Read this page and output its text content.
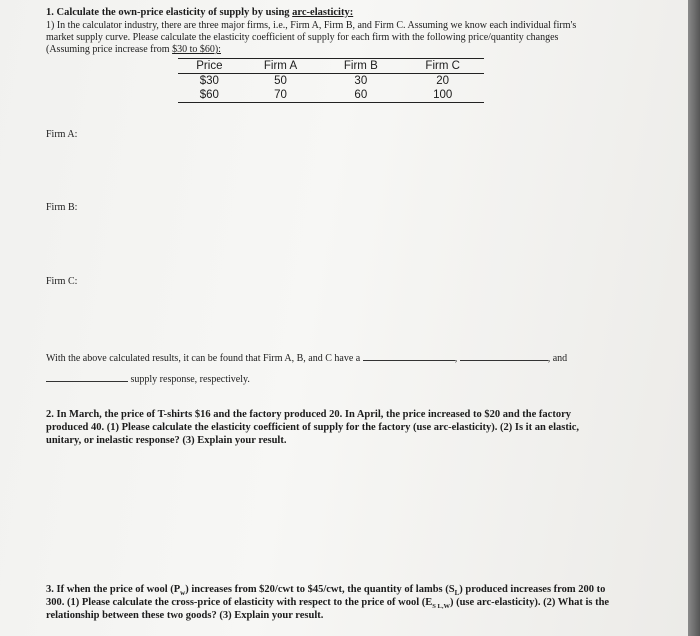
1. Calculate the own-price elasticity of supply by using arc-elasticity:
1) In the calculator industry, there are three major firms, i.e., Firm A, Firm B, and Firm C. Assuming we know each individual firm's
market supply curve. Please calculate the elasticity coefficient of supply for each firm with the following price/quantity changes
(Assuming price increase from $30 to $60):
Price	Firm A	Firm B	Firm C
$30	50	30	20
$60	70	60	100
Firm A:
Firm B:
Firm C:
With the above calculated results, it can be found that Firm A, B, and C have a	,	, and
supply response, respectively.
2. In March, the price of T-shirts $16 and the factory produced 20. In April, the price increased to $20 and the factory
produced 40. (1) Please calculate the elasticity coefficient of supply for the factory (use arc-elasticity). (2) Is it an elastic,
unitary, or inelastic response? (3) Explain your result.
3. If when the price of wool $(P_w)$ increases from $20/cwt to $45/cwt, the quantity of lambs $(S_L)$ produced increases from 200 to
300. (1) Please calculate the cross-price of elasticity with respect to the price of wool $(E_{S L,W})$ (use arc-elasticity). (2) What is the
relationship between these two goods? (3) Explain your result.
